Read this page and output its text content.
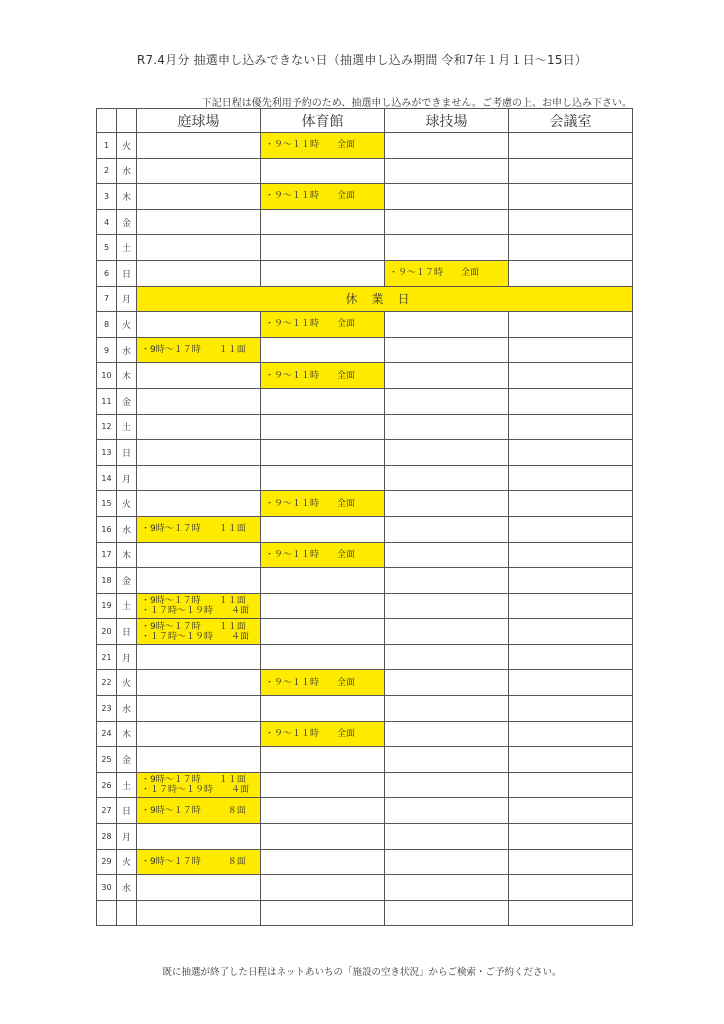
R7.4月分 抽選申し込みできない日（抽選申し込み期間 令和7年１月１日～15日）
下記日程は優先利用予約のため、抽選申し込みができません。ご考慮の上、お申し込み下さい。
		庭球場	体育館	球技場	会議室
1	火		・９～１１時　　全面		

2	水				
3	木		・９～１１時　　全面		

4	金				
5	土				
6	日			・９～１７時　　全面	

7	月	休業日			
8	火		・９～１１時　　全面		

9	水	・9時～１７時　　１１面			

10	木		・９～１１時　　全面		

11	金				
12	土				
13	日				
14	月				
15	火		・９～１１時　　全面		

16	水	・9時～１７時　　１１面			

17	木		・９～１１時　　全面		

18	金				
19	土	・9時～１７時　　１１面
・１７時～１９時　　４面			

20	日	・9時～１７時　　１１面
・１７時～１９時　　４面			

21	月				
22	火		・９～１１時　　全面		

23	水				
24	木		・９～１１時　　全面		

25	金				
26	土	・9時～１７時　　１１面
・１７時～１９時　　４面			

27	日	・9時～１７時　　　８面			

28	月				
29	火	・9時～１７時　　　８面			

30	水				

既に抽選が終了した日程はネットあいちの「施設の空き状況」からご検索・ご予約ください。
